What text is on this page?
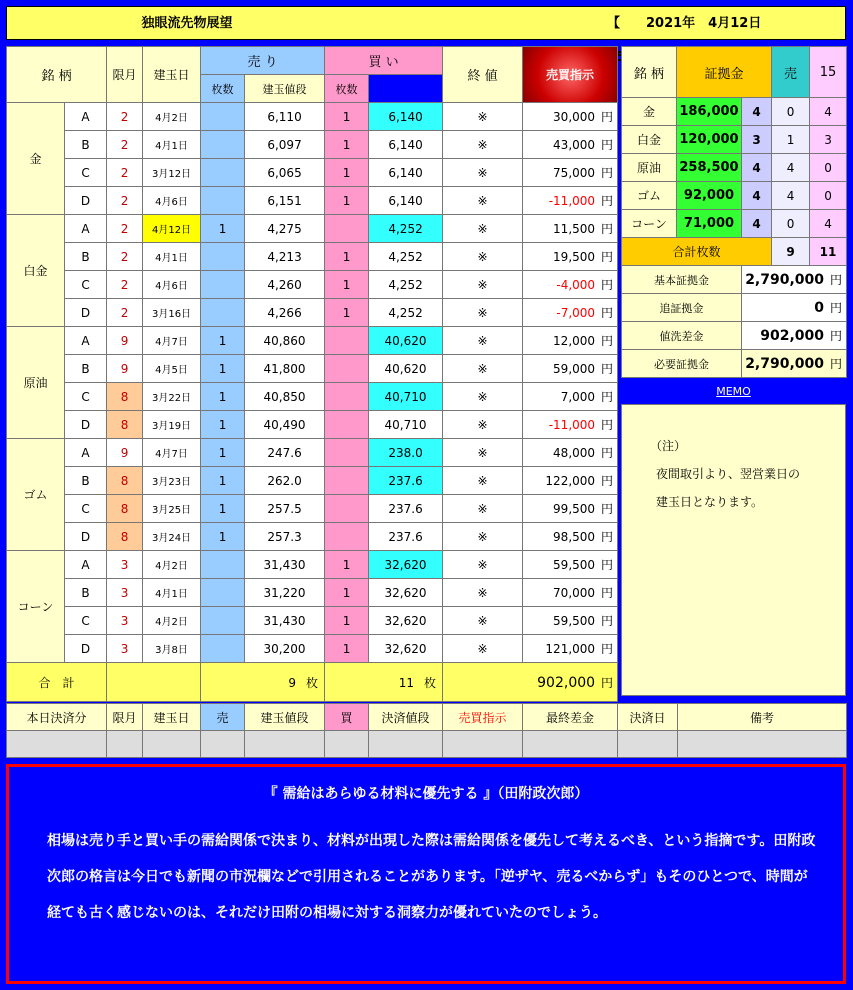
独眼流先物展望	【　　2021年　4月12日　　　
銘 柄		限月	建玉日	売 り		買 い		終 値	売買指示	
				枚数	建玉値段	枚数				
金	A	2	4月2日		6,110	1	6,140	※	30,000 円	
	B	2	4月1日		6,097	1	6,140	※	43,000 円	
	C	2	3月12日		6,065	1	6,140	※	75,000 円	
	D	2	4月6日		6,151	1	6,140	※	-11,000 円	
白金	A	2	4月12日	1	4,275		4,252	※	11,500 円	
	B	2	4月1日		4,213	1	4,252	※	19,500 円	
	C	2	4月6日		4,260	1	4,252	※	-4,000 円	
	D	2	3月16日		4,266	1	4,252	※	-7,000 円	
原油	A	9	4月7日	1	40,860		40,620	※	12,000 円	
	B	9	4月5日	1	41,800		40,620	※	59,000 円	
	C	8	3月22日	1	40,850		40,710	※	7,000 円	
	D	8	3月19日	1	40,490		40,710	※	-11,000 円	
ゴム	A	9	4月7日	1	247.6		238.0	※	48,000 円	
	B	8	3月23日	1	262.0		237.6	※	122,000 円	
	C	8	3月25日	1	257.5		237.6	※	99,500 円	
	D	8	3月24日	1	257.3		237.6	※	98,500 円	
コーン	A	3	4月2日		31,430	1	32,620	※	59,500 円	
	B	3	4月1日		31,220	1	32,620	※	70,000 円	
	C	3	4月2日		31,430	1	32,620	※	59,500 円	
	D	3	3月8日		30,200	1	32,620	※	121,000 円	
合　計				9 枚		11 枚		902,000 円		
銘 柄	証拠金		売	15
金	186,000	4	0	4
白金	120,000	3	1	3
原油	258,500	4	4	0
ゴム	92,000	4	4	0
コーン	71,000	4	0	4
合計枚数			9	11
基本証拠金		2,790,000 円		
追証拠金		0 円		
値洗差金		902,000 円		
必要証拠金		2,790,000 円		
MEMO
（注）
夜間取引より、翌営業日の
建玉日となります。
本日決済分	限月	建玉日	売	建玉値段	買	決済値段	売買指示	最終差金	決済日	備考

『 需給はあらゆる材料に優先する 』（田附政次郎）
相場は売り手と買い手の需給関係で決まり、材料が出現した際は需給関係を優先して考えるべき、という指摘です。田附政次郎の格言は今日でも新聞の市況欄などで引用されることがあります。「逆ザヤ、売るべからず」もそのひとつで、時間が経ても古く感じないのは、それだけ田附の相場に対する洞察力が優れていたのでしょう。
